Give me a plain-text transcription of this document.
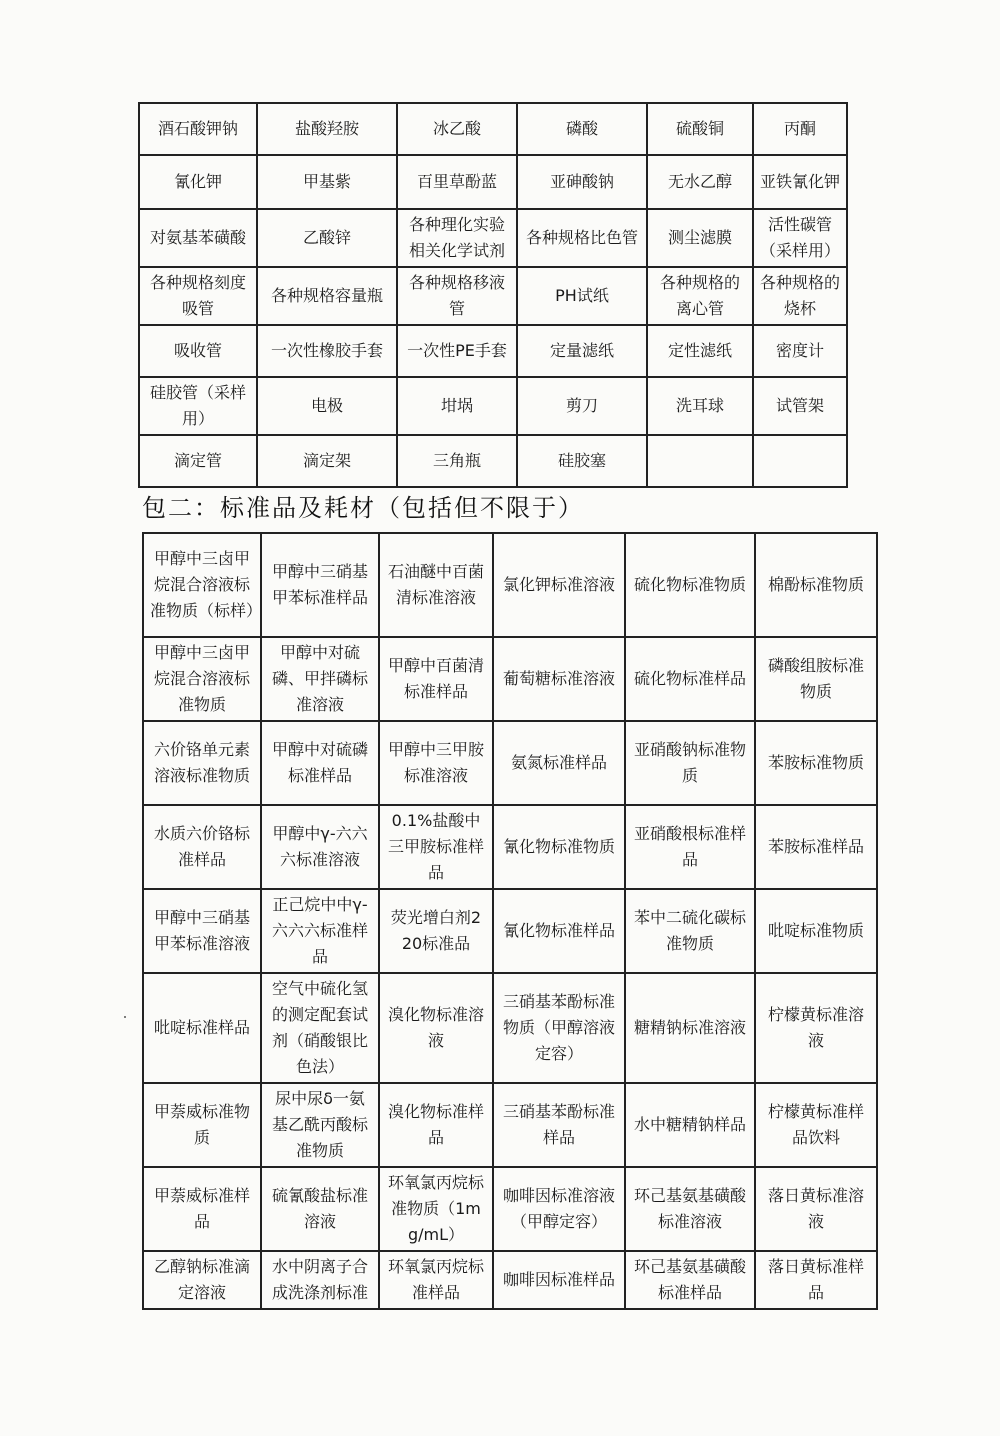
酒石酸钾钠	盐酸羟胺	冰乙酸	磷酸	硫酸铜	丙酮
氰化钾	甲基紫	百里草酚蓝	亚砷酸钠	无水乙醇	亚铁氰化钾
对氨基苯磺酸	乙酸锌	各种理化实验相关化学试剂	各种规格比色管	测尘滤膜	活性碳管（采样用）
各种规格刻度吸管	各种规格容量瓶	各种规格移液管	PH试纸	各种规格的离心管	各种规格的烧杯
吸收管	一次性橡胶手套	一次性PE手套	定量滤纸	定性滤纸	密度计
硅胶管（采样用）	电极	坩埚	剪刀	洗耳球	试管架
滴定管	滴定架	三角瓶	硅胶塞		
包二：标准品及耗材（包括但不限于）
甲醇中三卤甲烷混合溶液标准物质（标样）	甲醇中三硝基甲苯标准样品	石油醚中百菌清标准溶液	氯化钾标准溶液	硫化物标准物质	棉酚标准物质
甲醇中三卤甲烷混合溶液标准物质	甲醇中对硫磷、甲拌磷标准溶液	甲醇中百菌清标准样品	葡萄糖标准溶液	硫化物标准样品	磷酸组胺标准物质
六价铬单元素溶液标准物质	甲醇中对硫磷标准样品	甲醇中三甲胺标准溶液	氨氮标准样品	亚硝酸钠标准物质	苯胺标准物质
水质六价铬标准样品	甲醇中γ-六六六标准溶液	0.1%盐酸中三甲胺标准样品	氰化物标准物质	亚硝酸根标准样品	苯胺标准样品
甲醇中三硝基甲苯标准溶液	正己烷中中γ-六六六标准样品	荧光增白剂220标准品	氰化物标准样品	苯中二硫化碳标准物质	吡啶标准物质
吡啶标准样品	空气中硫化氢的测定配套试剂（硝酸银比色法）	溴化物标准溶液	三硝基苯酚标准物质（甲醇溶液定容）	糖精钠标准溶液	柠檬黄标准溶液
甲萘威标准物质	尿中尿δ一氨基乙酰丙酸标准物质	溴化物标准样品	三硝基苯酚标准样品	水中糖精钠样品	柠檬黄标准样品饮料
甲萘威标准样品	硫氰酸盐标准溶液	环氧氯丙烷标准物质（1mg/mL）	咖啡因标准溶液（甲醇定容）	环己基氨基磺酸标准溶液	落日黄标准溶液
乙醇钠标准滴定溶液	水中阴离子合成洗涤剂标准	环氧氯丙烷标准样品	咖啡因标准样品	环己基氨基磺酸标准样品	落日黄标准样品
